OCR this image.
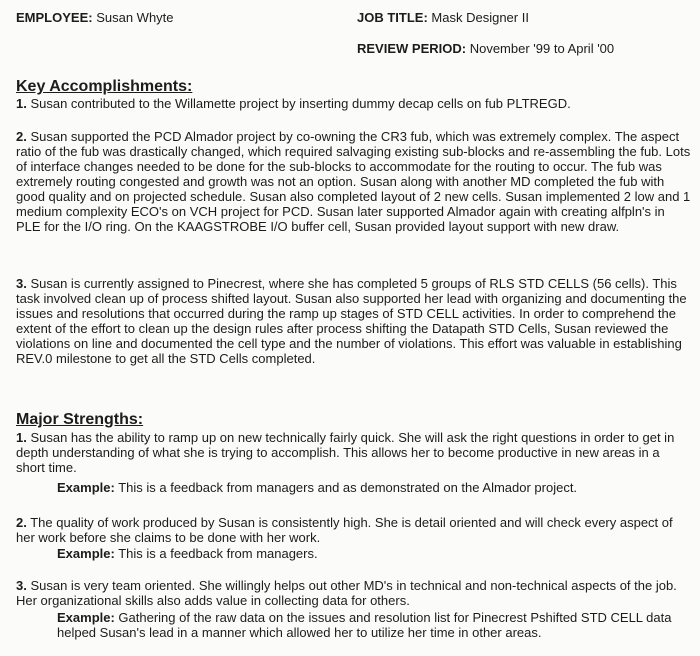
EMPLOYEE: Susan Whyte	JOB TITLE: Mask Designer II
REVIEW PERIOD: November '99 to April '00
Key Accomplishments:

1. Susan contributed to the Willamette project by inserting dummy decap cells on fub PLTREGD.

2. Susan supported the PCD Almador project by co-owning the CR3 fub, which was extremely complex. The aspect ratio of the fub was drastically changed, which required salvaging existing sub-blocks and re-assembling the fub. Lots of interface changes needed to be done for the sub-blocks to accommodate for the routing to occur. The fub was extremely routing congested and growth was not an option. Susan along with another MD completed the fub with good quality and on projected schedule. Susan also completed layout of 2 new cells. Susan implemented 2 low and 1 medium complexity ECO's on VCH project for PCD. Susan later supported Almador again with creating alfpln's in PLE for the I/O ring. On the KAAGSTROBE I/O buffer cell, Susan provided layout support with new draw.

3. Susan is currently assigned to Pinecrest, where she has completed 5 groups of RLS STD CELLS (56 cells). This task involved clean up of process shifted layout. Susan also supported her lead with organizing and documenting the issues and resolutions that occurred during the ramp up stages of STD CELL activities. In order to comprehend the extent of the effort to clean up the design rules after process shifting the Datapath STD Cells, Susan reviewed the violations on line and documented the cell type and the number of violations. This effort was valuable in establishing REV.0 milestone to get all the STD Cells completed.

Major Strengths:

1. Susan has the ability to ramp up on new technically fairly quick. She will ask the right questions in order to get in depth understanding of what she is trying to accomplish. This allows her to become productive in new areas in a short time.

Example: This is a feedback from managers and as demonstrated on the Almador project.

2. The quality of work produced by Susan is consistently high. She is detail oriented and will check every aspect of her work before she claims to be done with her work.

Example: This is a feedback from managers.

3. Susan is very team oriented. She willingly helps out other MD's in technical and non-technical aspects of the job. Her organizational skills also adds value in collecting data for others.

Example: Gathering of the raw data on the issues and resolution list for Pinecrest Pshifted STD CELL data helped Susan's lead in a manner which allowed her to utilize her time in other areas.
